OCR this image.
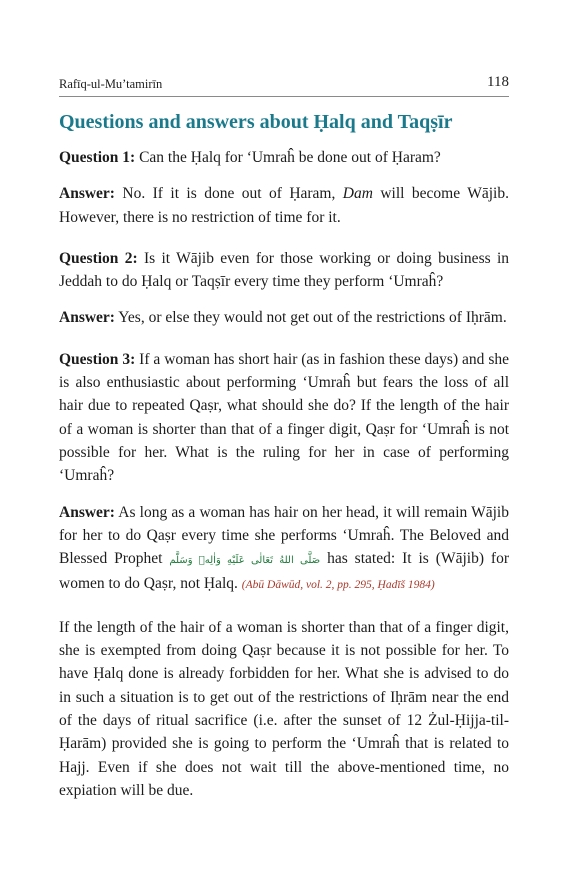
Rafīq-ul-Mu’tamirīn	118
Questions and answers about Ḥalq and Taqṣīr

Question 1: Can the Ḥalq for ‘Umraĥ be done out of Ḥaram?

Answer: No. If it is done out of Ḥaram, Dam will become Wājib. However, there is no restriction of time for it.

Question 2: Is it Wājib even for those working or doing business in Jeddah to do Ḥalq or Taqṣīr every time they perform ‘Umraĥ?

Answer: Yes, or else they would not get out of the restrictions of Iḥrām.

Question 3: If a woman has short hair (as in fashion these days) and she is also enthusiastic about performing ‘Umraĥ but fears the loss of all hair due to repeated Qaṣr, what should she do? If the length of the hair of a woman is shorter than that of a finger digit, Qaṣr for ‘Umraĥ is not possible for her. What is the ruling for her in case of performing ‘Umraĥ?

Answer: As long as a woman has hair on her head, it will remain Wājib for her to do Qaṣr every time she performs ‘Umraĥ. The Beloved and Blessed Prophet صَلَّى اللهُ تَعَالٰی عَلَيْهِ وَاٰلِهٖ وَسَلَّم has stated: It is (Wājib) for women to do Qaṣr, not Ḥalq. (Abū Dāwūd, vol. 2, pp. 295, Ḥadīš 1984)

If the length of the hair of a woman is shorter than that of a finger digit, she is exempted from doing Qaṣr because it is not possible for her. To have Ḥalq done is already forbidden for her. What she is advised to do in such a situation is to get out of the restrictions of Iḥrām near the end of the days of ritual sacrifice (i.e. after the sunset of 12 Żul-Ḥijja-til-Ḥarām) provided she is going to perform the ‘Umraĥ that is related to Hajj. Even if she does not wait till the above-mentioned time, no expiation will be due.
